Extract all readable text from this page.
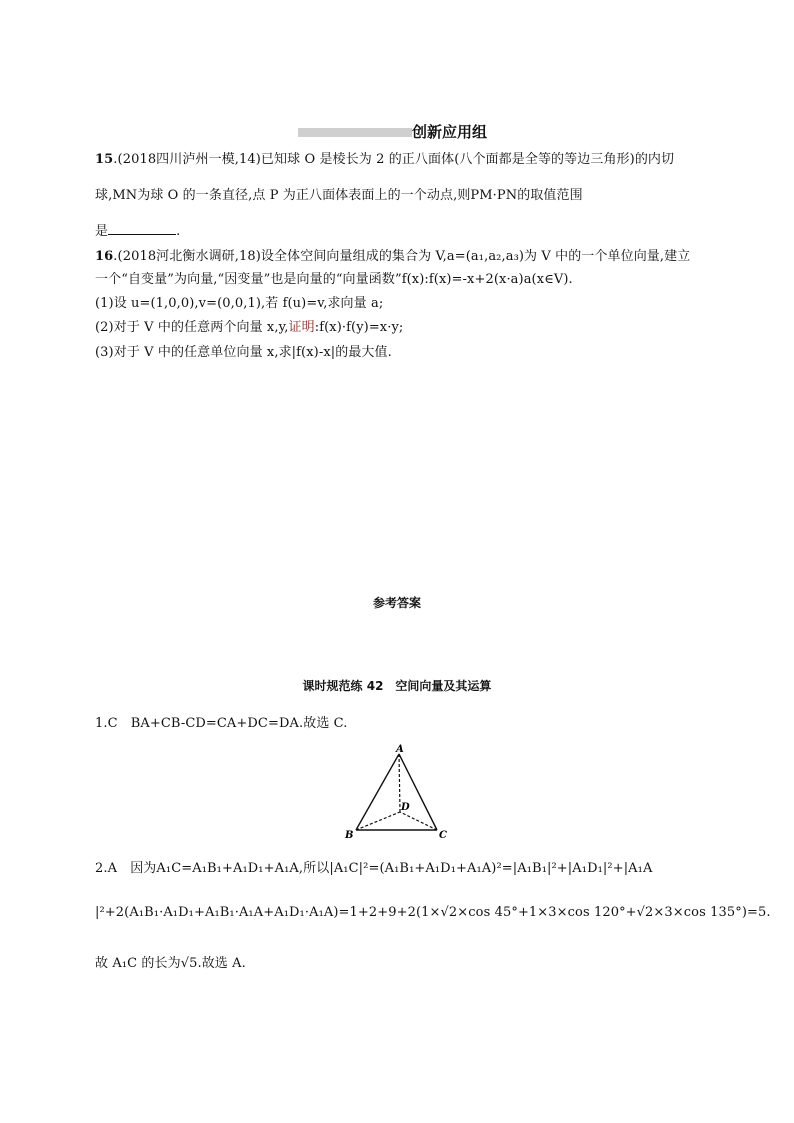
创新应用组
15.(2018四川泸州一模,14)已知球 O 是棱长为 2 的正八面体(八个面都是全等的等边三角形)的内切
球,MN为球 O 的一条直径,点 P 为正八面体表面上的一个动点,则PM·PN的取值范围
是	.
16.(2018河北衡水调研,18)设全体空间向量组成的集合为 V,a=(a₁,a₂,a₃)为 V 中的一个单位向量,建立
一个“自变量”为向量,“因变量”也是向量的“向量函数”f(x):f(x)=-x+2(x·a)a(x∈V).
(1)设 u=(1,0,0),v=(0,0,1),若 f(u)=v,求向量 a;
(2)对于 V 中的任意两个向量 x,y,证明:f(x)·f(y)=x·y;
(3)对于 V 中的任意单位向量 x,求|f(x)-x|的最大值.
参考答案
课时规范练 42　空间向量及其运算
1.C　BA+CB-CD=CA+DC=DA.故选 C.
A
B	C
D
2.A　因为A₁C=A₁B₁+A₁D₁+A₁A,所以|A₁C|²=(A₁B₁+A₁D₁+A₁A)²=|A₁B₁|²+|A₁D₁|²+|A₁A
|²+2(A₁B₁·A₁D₁+A₁B₁·A₁A+A₁D₁·A₁A)=1+2+9+2(1×√2×cos 45°+1×3×cos 120°+√2×3×cos 135°)=5.
故 A₁C 的长为√5.故选 A.
